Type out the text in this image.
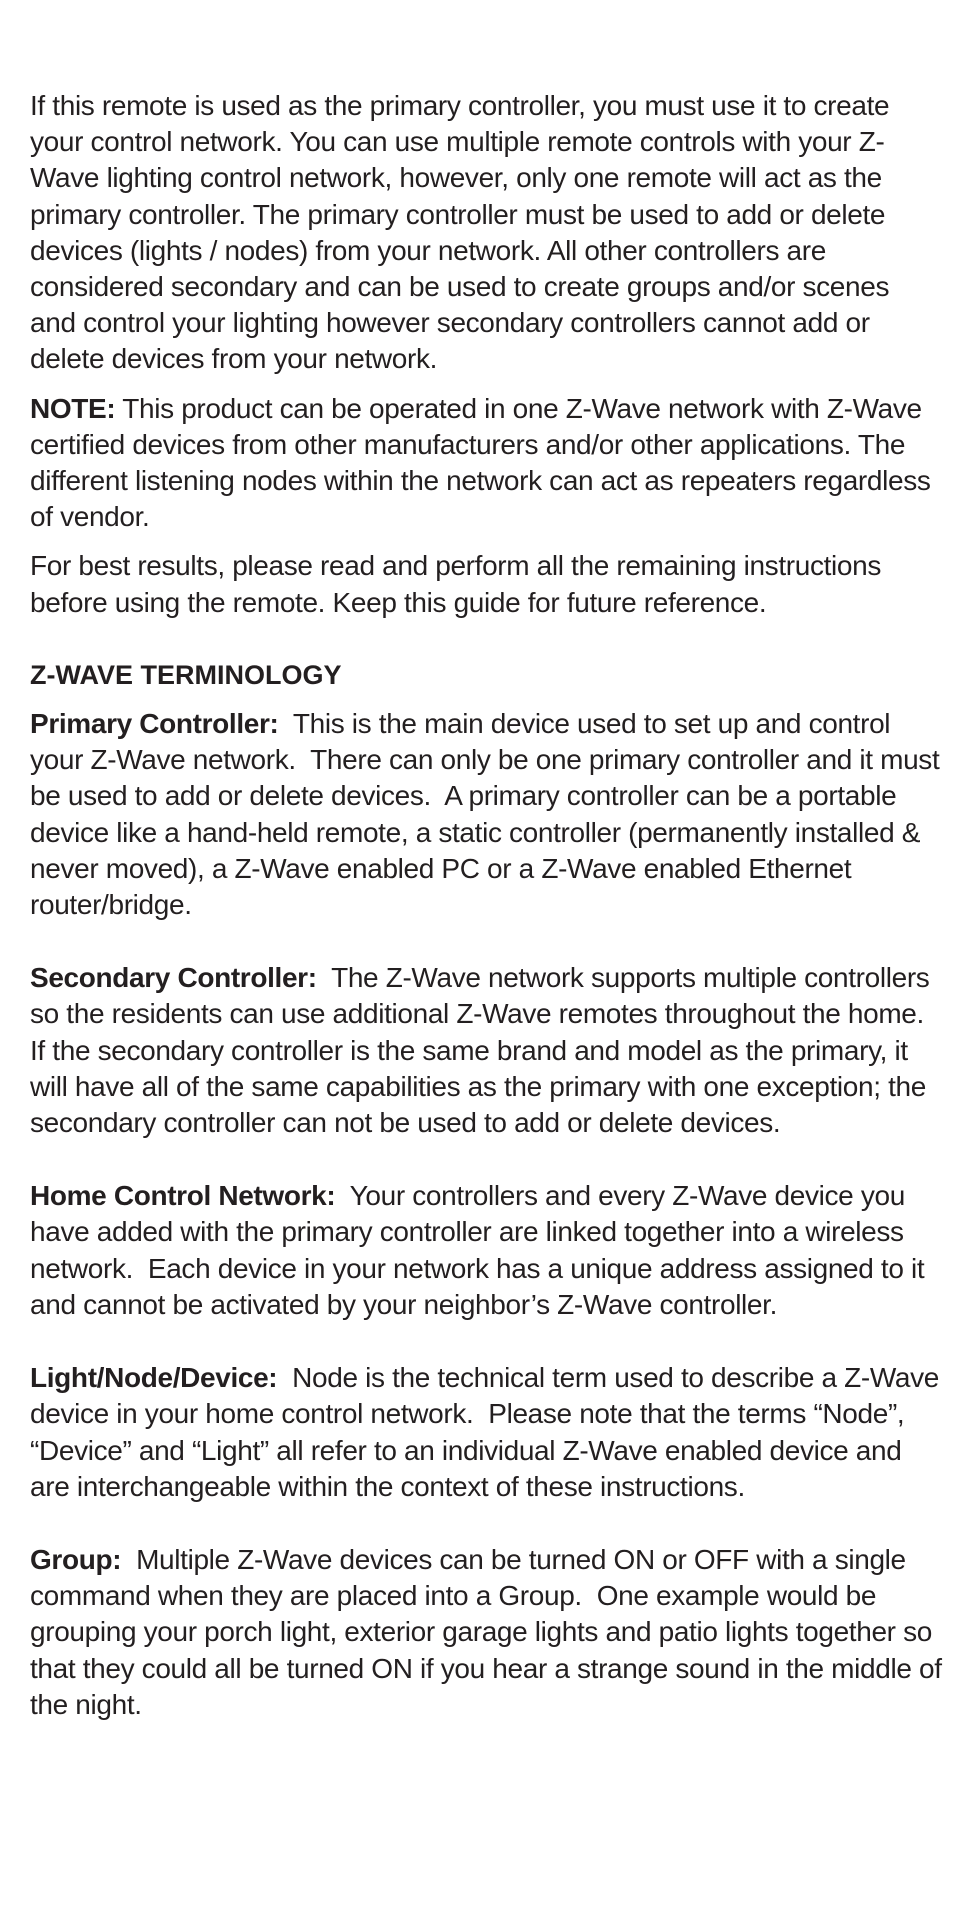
If this remote is used as the primary controller, you must use it to create your control network. You can use multiple remote controls with your Z-Wave lighting control network, however, only one remote will act as the primary controller. The primary controller must be used to add or delete devices (lights / nodes) from your network. All other controllers are considered secondary and can be used to create groups and/or scenes and control your lighting however secondary controllers cannot add or delete devices from your network.

NOTE: This product can be operated in one Z-Wave network with Z-Wave certified devices from other manufacturers and/or other applications. The different listening nodes within the network can act as repeaters regardless of vendor.

For best results, please read and perform all the remaining instructions before using the remote. Keep this guide for future reference.

Z-WAVE TERMINOLOGY

Primary Controller:  This is the main device used to set up and control your Z-Wave network.  There can only be one primary controller and it must be used to add or delete devices.  A primary controller can be a portable device like a hand-held remote, a static controller (permanently installed & never moved), a Z-Wave enabled PC or a Z-Wave enabled Ethernet router/bridge.

Secondary Controller:  The Z-Wave network supports multiple controllers so the residents can use additional Z-Wave remotes throughout the home.  If the secondary controller is the same brand and model as the primary, it will have all of the same capabilities as the primary with one exception; the secondary controller can not be used to add or delete devices.

Home Control Network:  Your controllers and every Z-Wave device you have added with the primary controller are linked together into a wireless network.  Each device in your network has a unique address assigned to it and cannot be activated by your neighbor’s Z-Wave controller.

Light/Node/Device:  Node is the technical term used to describe a Z-Wave device in your home control network.  Please note that the terms “Node”, “Device” and “Light” all refer to an individual Z-Wave enabled device and are interchangeable within the context of these instructions.

Group:  Multiple Z-Wave devices can be turned ON or OFF with a single command when they are placed into a Group.  One example would be grouping your porch light, exterior garage lights and patio lights together so that they could all be turned ON if you hear a strange sound in the middle of the night.
